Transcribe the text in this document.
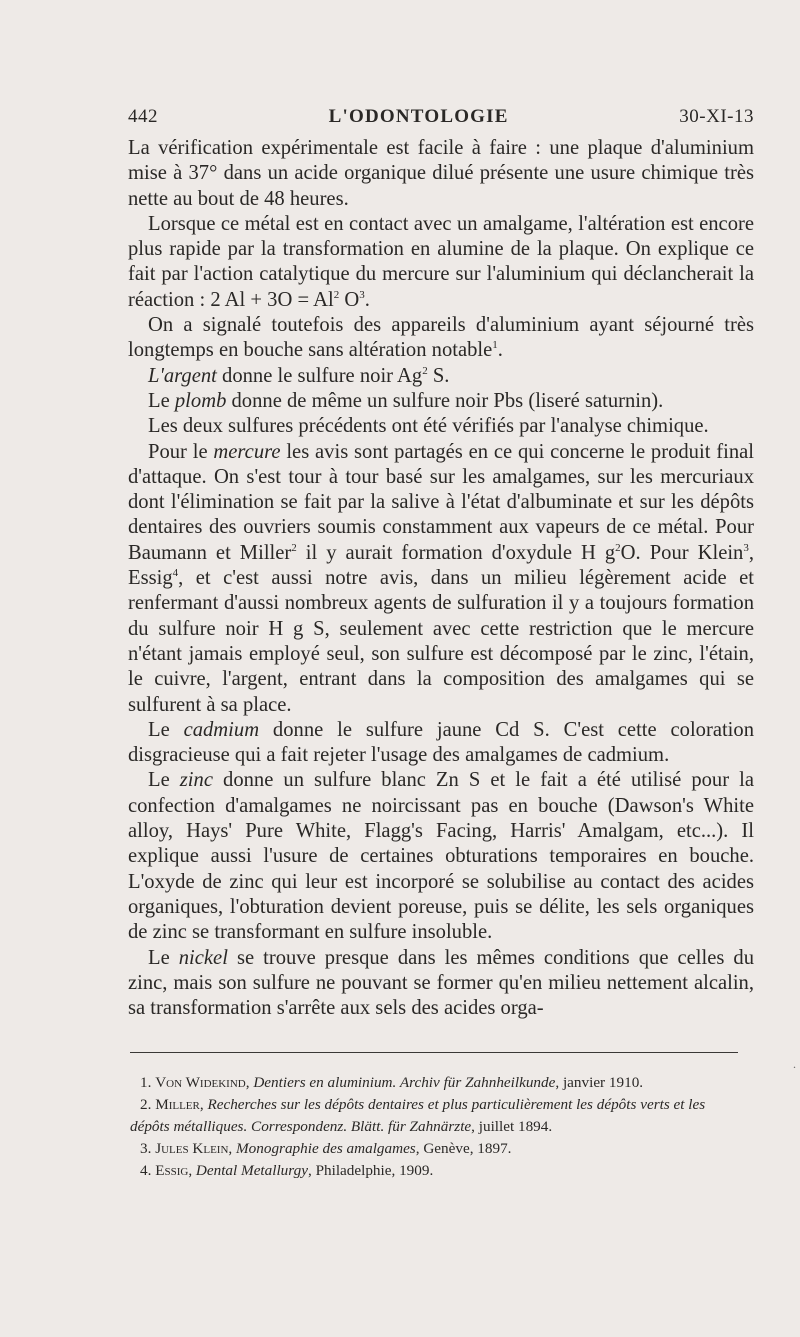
442	L'ODONTOLOGIE	30-XI-13

La vérification expérimentale est facile à faire : une plaque d'aluminium mise à 37° dans un acide organique dilué présente une usure chimique très nette au bout de 48 heures.

Lorsque ce métal est en contact avec un amalgame, l'altération est encore plus rapide par la transformation en alumine de la plaque. On explique ce fait par l'action catalytique du mercure sur l'aluminium qui déclancherait la réaction : 2 $Al + 3O = Al^2$ $O^3$.

On a signalé toutefois des appareils d'aluminium ayant séjourné très longtemps en bouche sans altération notable$^1$.

L'argent donne le sulfure noir Ag$^2$ S.

Le plomb donne de même un sulfure noir Pbs (liseré saturnin).

Les deux sulfures précédents ont été vérifiés par l'analyse chimique.

Pour le mercure les avis sont partagés en ce qui concerne le produit final d'attaque. On s'est tour à tour basé sur les amalgames, sur les mercuriaux dont l'élimination se fait par la salive à l'état d'albuminate et sur les dépôts dentaires des ouvriers soumis constamment aux vapeurs de ce métal. Pour Baumann et Miller$^2$ il y aurait formation d'oxydule H $g^2O$. Pour Klein$^3$, Essig$^4$, et c'est aussi notre avis, dans un milieu légèrement acide et renfermant d'aussi nombreux agents de sulfuration il y a toujours formation du sulfure noir H g S, seulement avec cette restriction que le mercure n'étant jamais employé seul, son sulfure est décomposé par le zinc, l'étain, le cuivre, l'argent, entrant dans la composition des amalgames qui se sulfurent à sa place.

Le cadmium donne le sulfure jaune Cd S. C'est cette coloration disgracieuse qui a fait rejeter l'usage des amalgames de cadmium.

Le zinc donne un sulfure blanc Zn S et le fait a été utilisé pour la confection d'amalgames ne noircissant pas en bouche (Dawson's White alloy, Hays' Pure White, Flagg's Facing, Harris' Amalgam, etc...). Il explique aussi l'usure de certaines obturations temporaires en bouche. L'oxyde de zinc qui leur est incorporé se solubilise au contact des acides organiques, l'obturation devient poreuse, puis se délite, les sels organiques de zinc se transformant en sulfure insoluble.

Le nickel se trouve presque dans les mêmes conditions que celles du zinc, mais son sulfure ne pouvant se former qu'en milieu nettement alcalin, sa transformation s'arrête aux sels des acides orga-

1. Von Widekind, Dentiers en aluminium. Archiv für Zahnheilkunde, janvier 1910.
2. Miller, Recherches sur les dépôts dentaires et plus particulièrement les dépôts verts et les dépôts métalliques. Correspondenz. Blätt. für Zahnärzte, juillet 1894.
3. Jules Klein, Monographie des amalgames, Genève, 1897.
4. Essig, Dental Metallurgy, Philadelphie, 1909.
.
